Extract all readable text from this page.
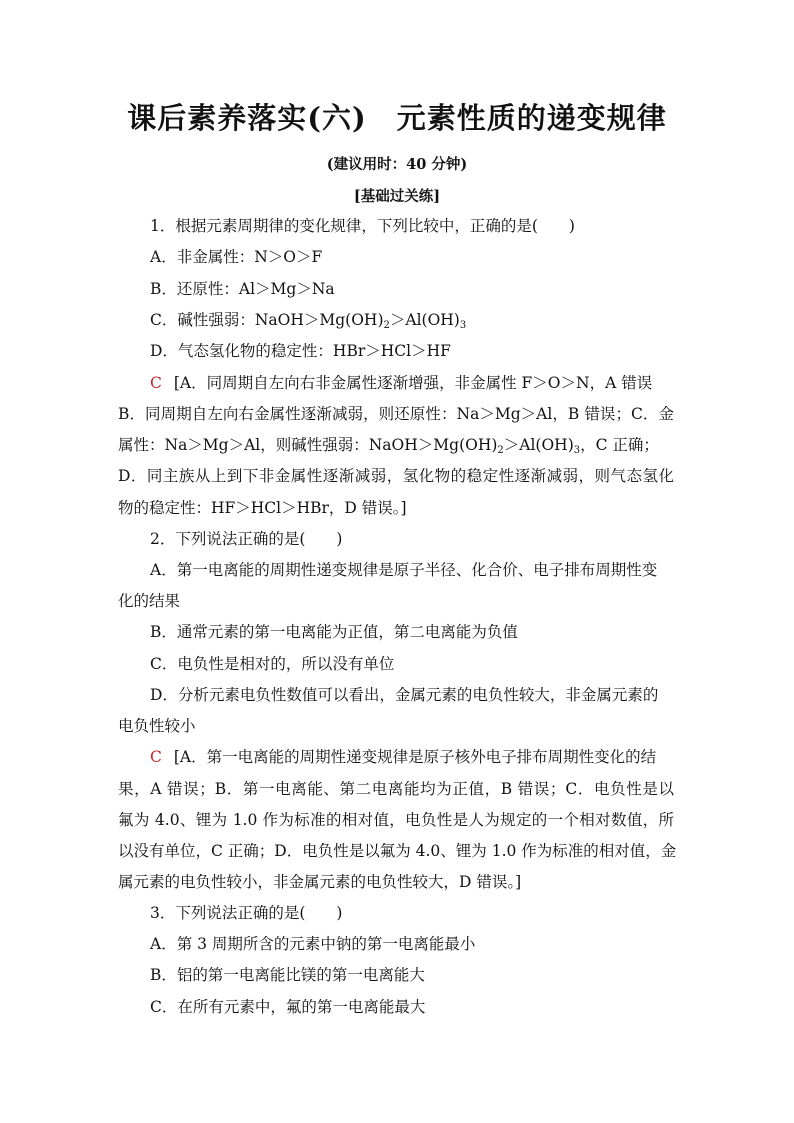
课后素养落实(六)　元素性质的递变规律
(建议用时：40 分钟)
[基础过关练]
1．根据元素周期律的变化规律，下列比较中，正确的是(　　)
A．非金属性：N＞O＞F
B．还原性：Al＞Mg＞Na
C．碱性强弱：$NaOH>Mg(OH)_2>Al(OH)_3$
D．气态氢化物的稳定性：HBr＞HCl＞HF
C [A．同周期自左向右非金属性逐渐增强，非金属性 F＞O＞N，A 错误
B．同周期自左向右金属性逐渐减弱，则还原性：Na＞Mg＞Al，B 错误；C．金
属性：Na＞Mg＞Al，则碱性强弱：$NaOH>Mg(OH)_2>Al(OH)_3$，C 正确；
D．同主族从上到下非金属性逐渐减弱，氢化物的稳定性逐渐减弱，则气态氢化
物的稳定性：HF＞HCl＞HBr，D 错误。]
2．下列说法正确的是(　　)
A．第一电离能的周期性递变规律是原子半径、化合价、电子排布周期性变
化的结果
B．通常元素的第一电离能为正值，第二电离能为负值
C．电负性是相对的，所以没有单位
D．分析元素电负性数值可以看出，金属元素的电负性较大，非金属元素的
电负性较小
C [A．第一电离能的周期性递变规律是原子核外电子排布周期性变化的结
果，A 错误；B．第一电离能、第二电离能均为正值，B 错误；C．电负性是以
氟为 4.0、锂为 1.0 作为标准的相对值，电负性是人为规定的一个相对数值，所
以没有单位，C 正确；D．电负性是以氟为 4.0、锂为 1.0 作为标准的相对值，金
属元素的电负性较小，非金属元素的电负性较大，D 错误。]
3．下列说法正确的是(　　)
A．第 3 周期所含的元素中钠的第一电离能最小
B．铝的第一电离能比镁的第一电离能大
C．在所有元素中，氟的第一电离能最大
